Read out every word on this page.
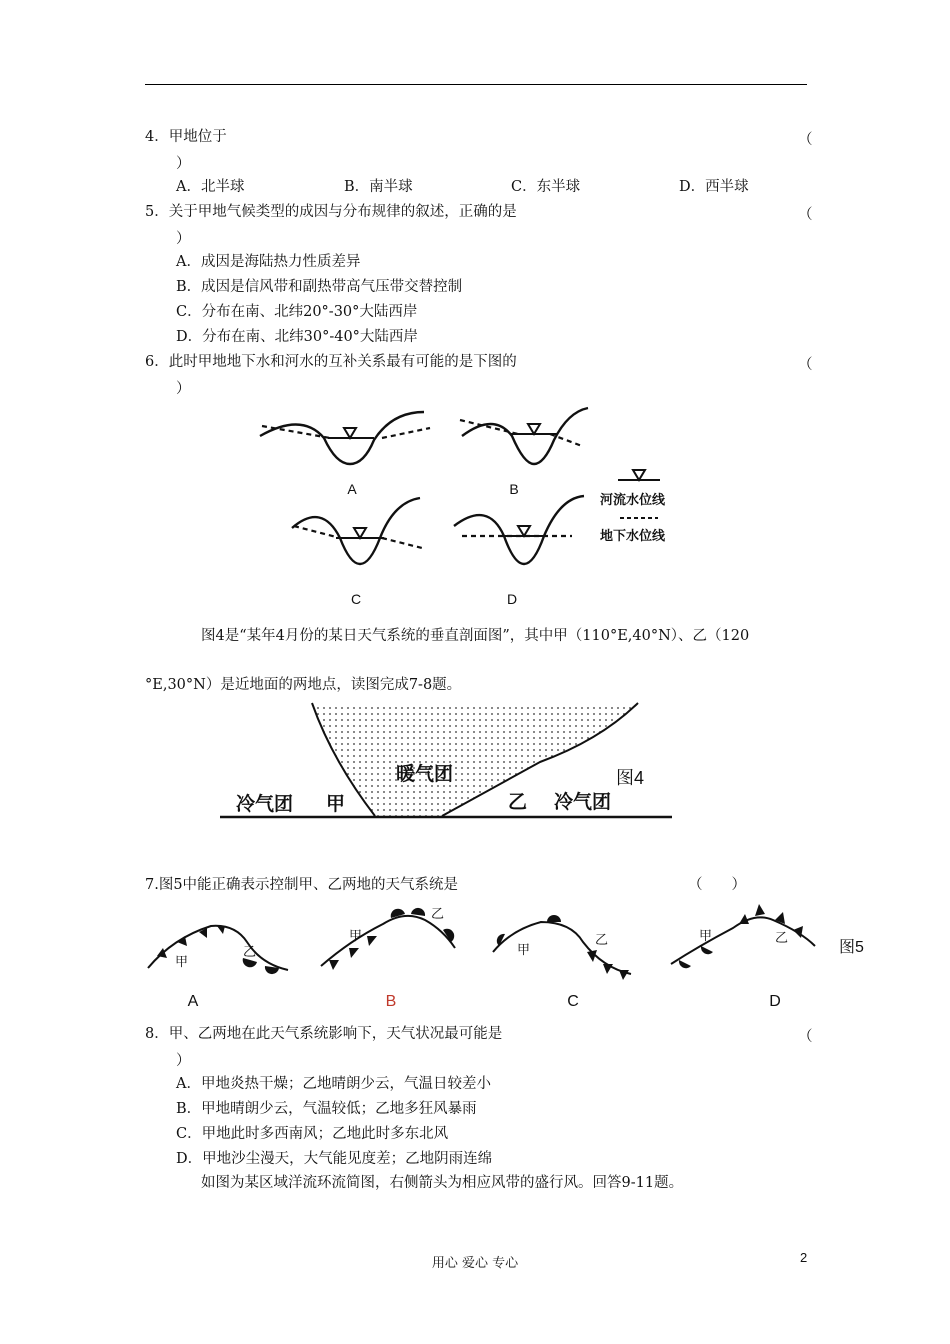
4．甲地位于	（
）
A．北半球	B．南半球	C．东半球	D．西半球
5．关于甲地气候类型的成因与分布规律的叙述，正确的是	（
）
A．成因是海陆热力性质差异
B．成因是信风带和副热带高气压带交替控制
C．分布在南、北纬20°-30°大陆西岸
D．分布在南、北纬30°-40°大陆西岸
6．此时甲地地下水和河水的互补关系最有可能的是下图的	（
）
A	B
C	D
河流水位线
地下水位线
图4是“某年4月份的某日天气系统的垂直剖面图”，其中甲（110°E,40°N）、乙（120
°E,30°N）是近地面的两地点，读图完成7-8题。
暖气团
冷气团 甲	乙 冷气团
图4
7.图5中能正确表示控制甲、乙两地的天气系统是	（　　）
甲
乙
甲
乙
甲
乙	甲	乙
A	B	C	D
图5
8．甲、乙两地在此天气系统影响下，天气状况最可能是	（
）
A．甲地炎热干燥；乙地晴朗少云，气温日较差小
B．甲地晴朗少云，气温较低；乙地多狂风暴雨
C．甲地此时多西南风；乙地此时多东北风
D．甲地沙尘漫天，大气能见度差；乙地阴雨连绵
如图为某区域洋流环流简图，右侧箭头为相应风带的盛行风。回答9-11题。
用心 爱心 专心	2
